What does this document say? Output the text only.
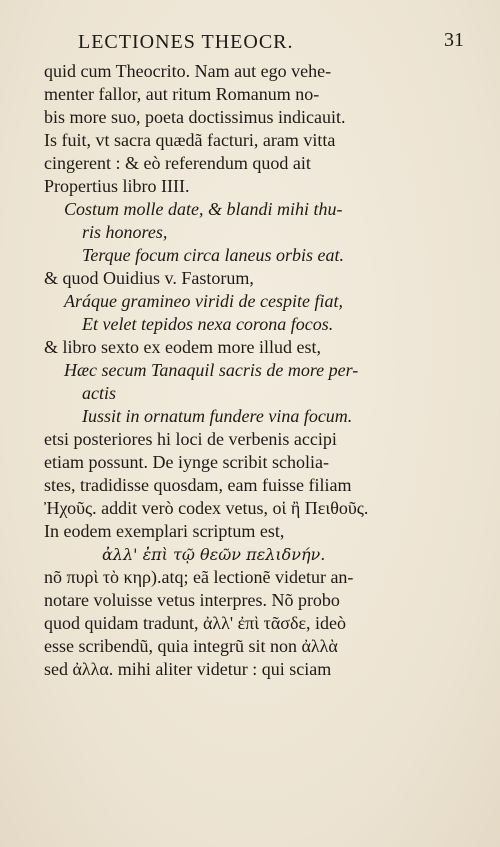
LECTIONES THEOCR.	31
quid cum Theocrito. Nam aut ego vehe-
menter fallor, aut ritum Romanum no-
bis more suo, poeta doctissimus indicauit.
Is fuit, vt sacra quædã facturi, aram vitta
cingerent : & eò referendum quod ait
Propertius libro IIII.
Costum molle date, & blandi mihi thu-
ris honores,
Terque focum circa laneus orbis eat.
& quod Ouidius v. Fastorum,
Aráque gramineo viridi de cespite fiat,
Et velet tepidos nexa corona focos.
& libro sexto ex eodem more illud est,
Hæc secum Tanaquil sacris de more per-
actis
Iussit in ornatum fundere vina focum.
etsi posteriores hi loci de verbenis accipi
etiam possunt. De iynge scribit scholia-
stes, tradidisse quosdam, eam fuisse filiam
Ἠχοῦς. addit verò codex vetus, οἱ ἢ Πειθοῦς.
In eodem exemplari scriptum est,
ἀλλ' ἐπὶ τῷ θεῶν πελιδνήν.
nõ πυρὶ τὸ κηρ).atq; eã lectionẽ videtur an-
notare voluisse vetus interpres. Nõ probo
quod quidam tradunt, ἀλλ' ἐπὶ τᾶσδε, ideò
esse scribendũ, quia integrũ sit non ἀλλὰ
sed ἀλλα. mihi aliter videtur : qui sciam
